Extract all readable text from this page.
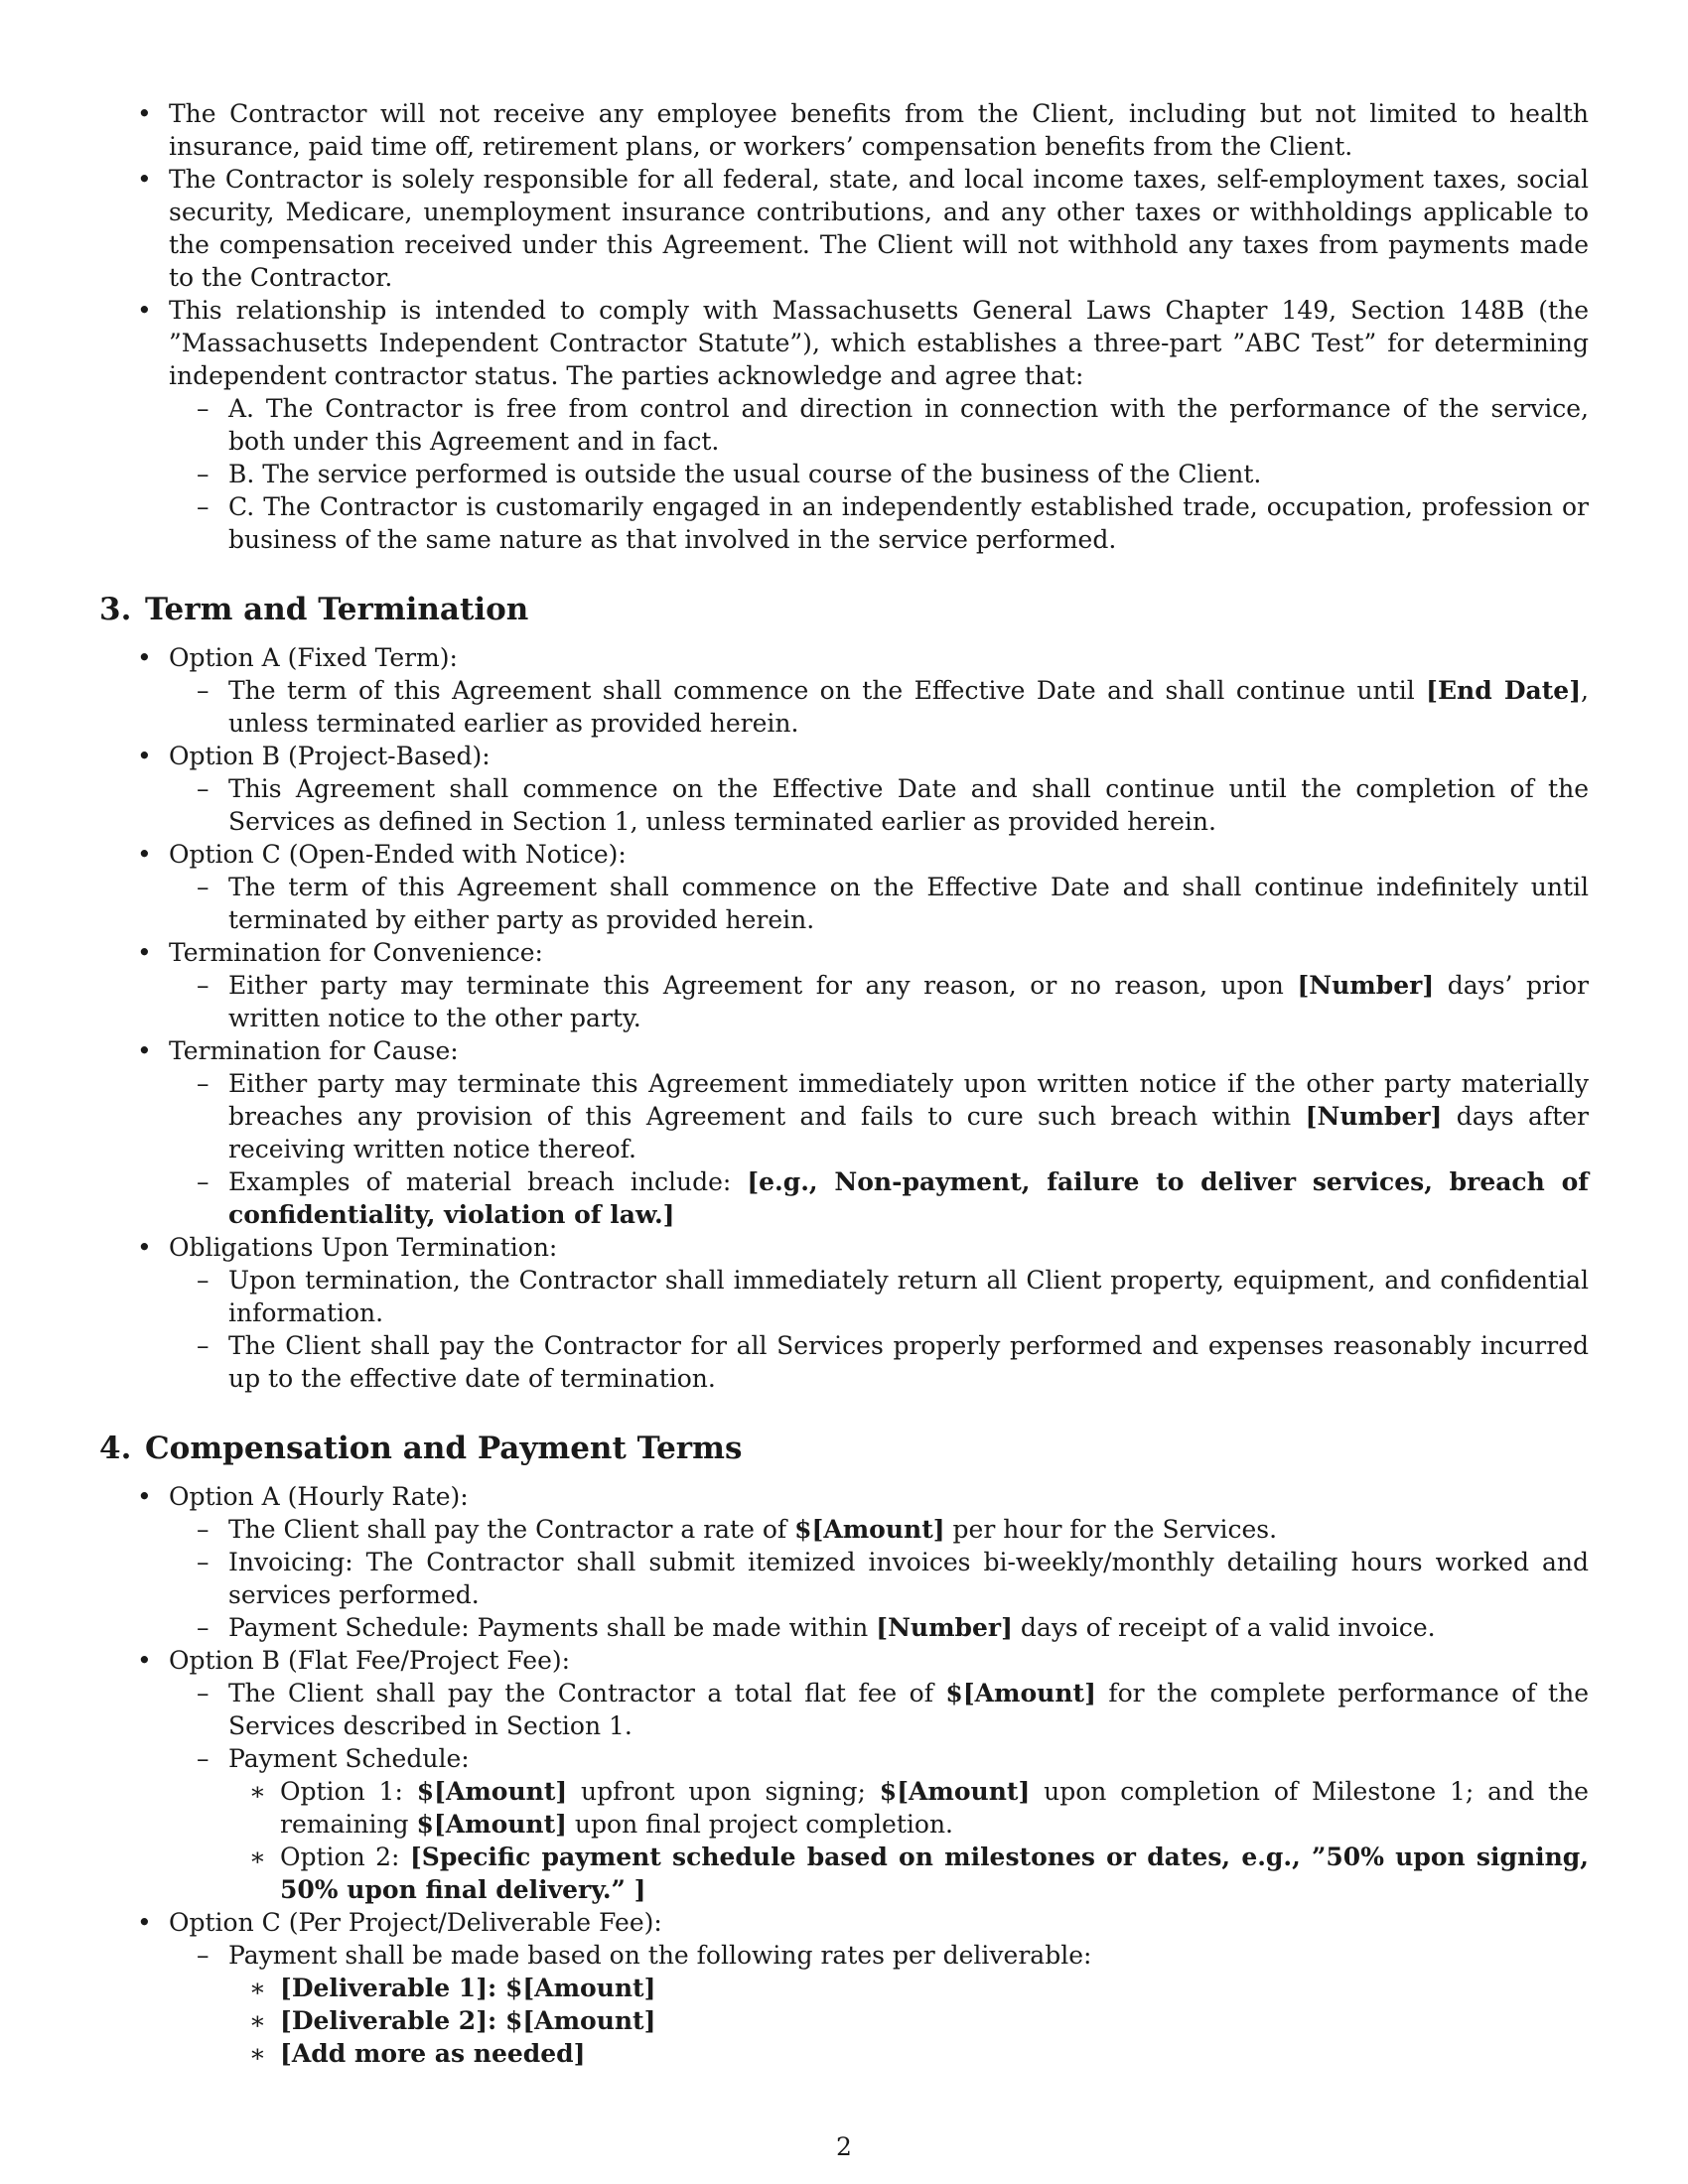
• The Contractor will not receive any employee benefits from the Client, including but not limited to health insurance, paid time off, retirement plans, or workers’ compensation benefits from the Client.
• The Contractor is solely responsible for all federal, state, and local income taxes, self-employment taxes, social security, Medicare, unemployment insurance contributions, and any other taxes or withholdings applicable to the compensation received under this Agreement. The Client will not withhold any taxes from payments made to the Contractor.
• This relationship is intended to comply with Massachusetts General Laws Chapter 149, Section 148B (the ”Massachusetts Independent Contractor Statute”), which establishes a three-part ”ABC Test” for determining independent contractor status. The parties acknowledge and agree that:
– A. The Contractor is free from control and direction in connection with the performance of the service, both under this Agreement and in fact.
– B. The service performed is outside the usual course of the business of the Client.
– C. The Contractor is customarily engaged in an independently established trade, occupation, profession or business of the same nature as that involved in the service performed.
3. Term and Termination
• Option A (Fixed Term):
– The term of this Agreement shall commence on the Effective Date and shall continue until [End Date], unless terminated earlier as provided herein.
• Option B (Project-Based):
– This Agreement shall commence on the Effective Date and shall continue until the completion of the Services as defined in Section 1, unless terminated earlier as provided herein.
• Option C (Open-Ended with Notice):
– The term of this Agreement shall commence on the Effective Date and shall continue indefinitely until terminated by either party as provided herein.
• Termination for Convenience:
– Either party may terminate this Agreement for any reason, or no reason, upon [Number] days’ prior written notice to the other party.
• Termination for Cause:
– Either party may terminate this Agreement immediately upon written notice if the other party materially breaches any provision of this Agreement and fails to cure such breach within [Number] days after receiving written notice thereof.
– Examples of material breach include: [e.g., Non-payment, failure to deliver services, breach of confidentiality, violation of law.]
• Obligations Upon Termination:
– Upon termination, the Contractor shall immediately return all Client property, equipment, and confidential information.
– The Client shall pay the Contractor for all Services properly performed and expenses reasonably incurred up to the effective date of termination.
4. Compensation and Payment Terms
• Option A (Hourly Rate):
– The Client shall pay the Contractor a rate of $[Amount] per hour for the Services.
– Invoicing: The Contractor shall submit itemized invoices bi-weekly/monthly detailing hours worked and services performed.
– Payment Schedule: Payments shall be made within [Number] days of receipt of a valid invoice.
• Option B (Flat Fee/Project Fee):
– The Client shall pay the Contractor a total flat fee of $[Amount] for the complete performance of the Services described in Section 1.
– Payment Schedule:
∗ Option 1: $[Amount] upfront upon signing; $[Amount] upon completion of Milestone 1; and the remaining $[Amount] upon final project completion.
∗ Option 2: [Specific payment schedule based on milestones or dates, e.g., ”50% upon signing, 50% upon final delivery.” ]
• Option C (Per Project/Deliverable Fee):
– Payment shall be made based on the following rates per deliverable:
∗ [Deliverable 1]: $[Amount]
∗ [Deliverable 2]: $[Amount]
∗ [Add more as needed]
2
